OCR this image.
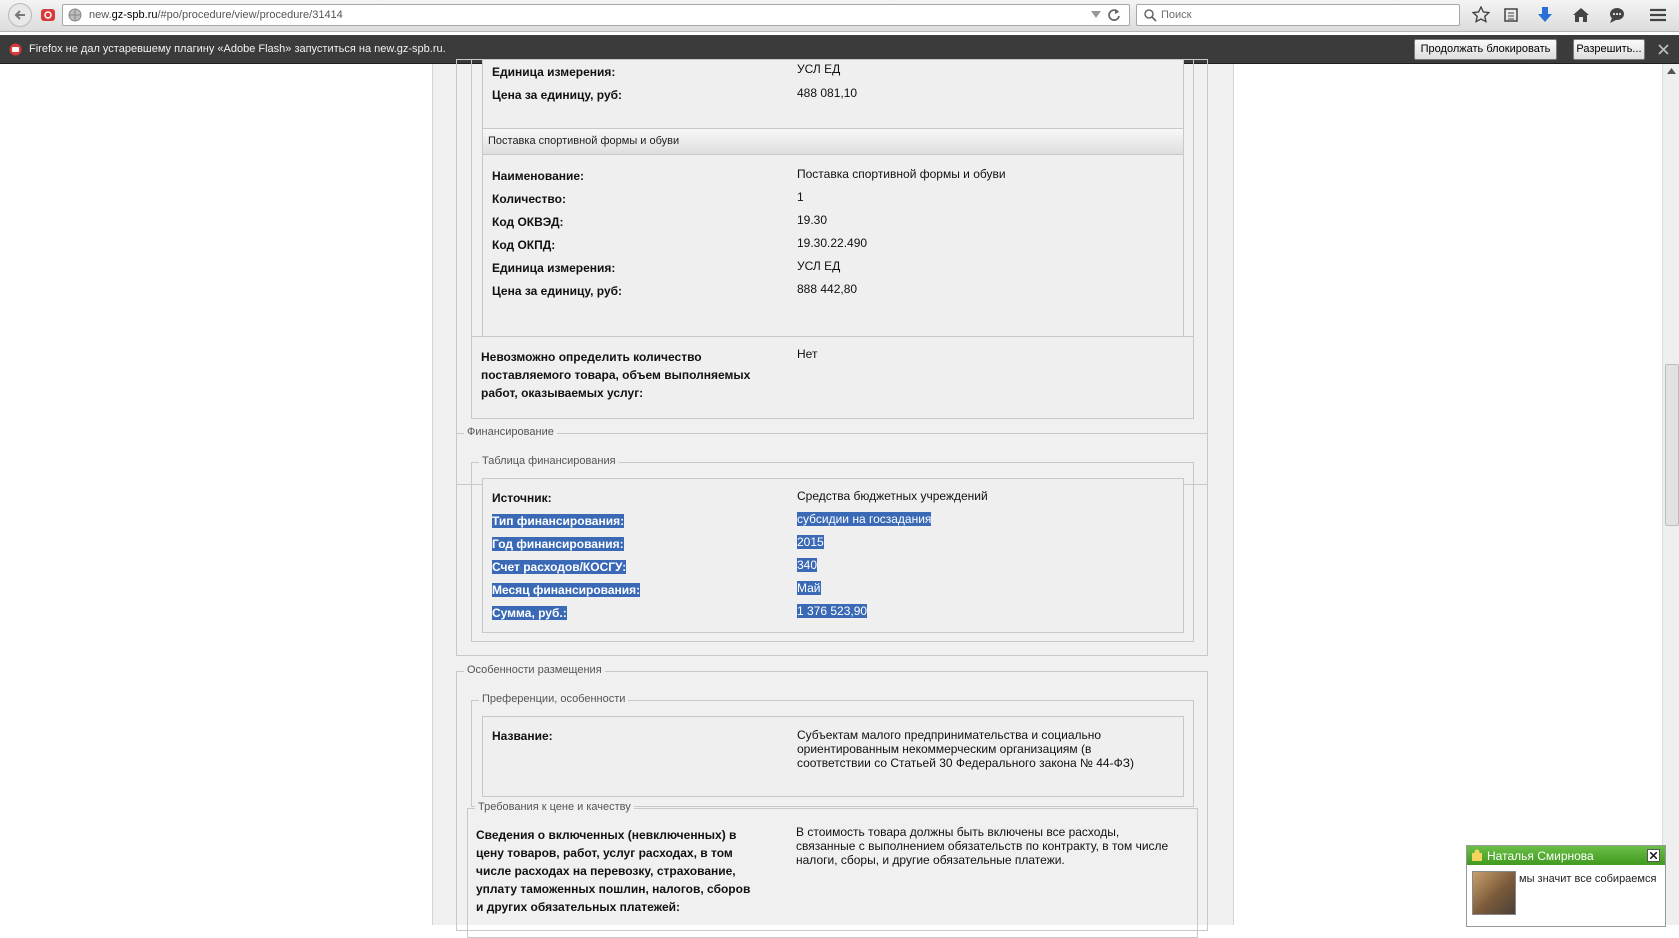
new.gz-spb.ru/#po/procedure/view/procedure/31414	Поиск
Firefox не дал устаревшему плагину «Adobe Flash» запуститься на new.gz-spb.ru.	Продолжать блокировать	Разрешить...
Единица измерения:	УСЛ ЕД
Цена за единицу, руб:	488 081,10
Поставка спортивной формы и обуви
Наименование:	Поставка спортивной формы и обуви
Количество:	1
Код ОКВЭД:	19.30
Код ОКПД:	19.30.22.490
Единица измерения:	УСЛ ЕД
Цена за единицу, руб:	888 442,80
Невозможно определить количество
поставляемого товара, объем выполняемых
работ, оказываемых услуг:
Нет
Финансирование
Таблица финансирования
Источник:	Средства бюджетных учреждений
Тип финансирования:	субсидии на госзадания
Год финансирования:	2015
Счет расходов/КОСГУ:	340
Месяц финансирования:	Май
Сумма, руб.:	1 376 523,90
Особенности размещения
Преференции, особенности
Название:	Субъектам малого предпринимательства и социально
ориентированным некоммерческим организациям (в
соответствии со Статьей 30 Федерального закона № 44-ФЗ)
Требования к цене и качеству
Сведения о включенных (невключенных) в
цену товаров, работ, услуг расходах, в том
числе расходах на перевозку, страхование,
уплату таможенных пошлин, налогов, сборов
и других обязательных платежей:
В стоимость товара должны быть включены все расходы,
связанные с выполнением обязательств по контракту, в том числе
налоги, сборы, и другие обязательные платежи.	Наталья Смирнова
мы значит все собираемся
